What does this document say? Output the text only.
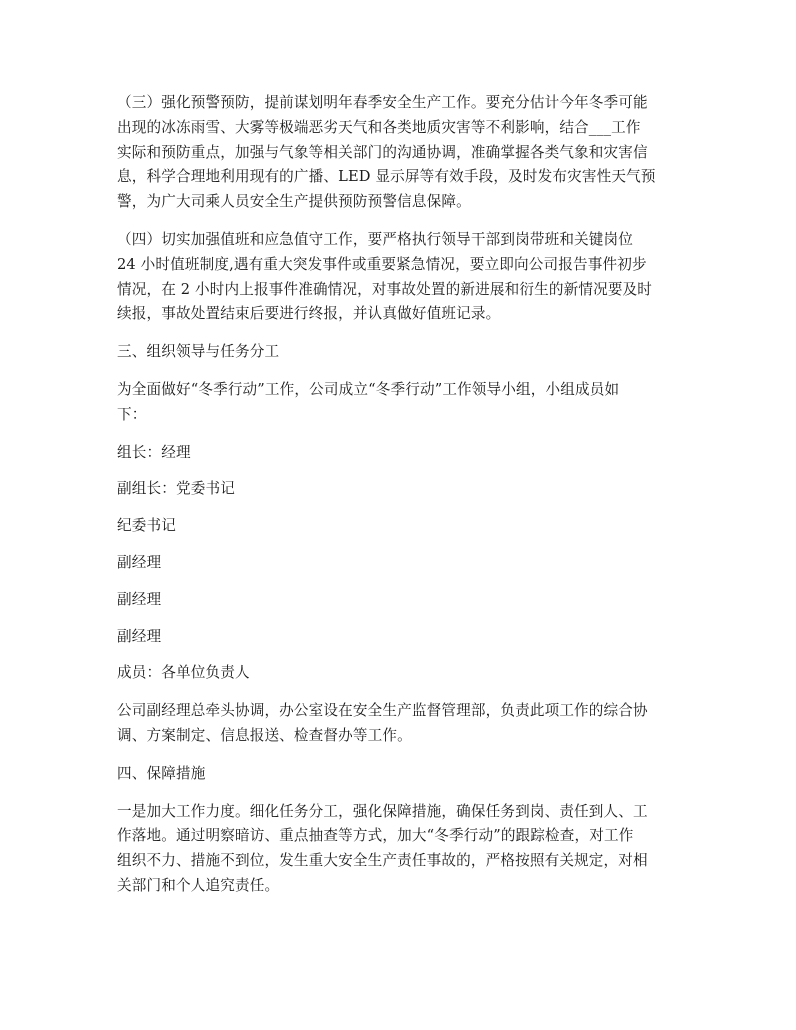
（三）强化预警预防，提前谋划明年春季安全生产工作。要充分估计今年冬季可能
出现的冰冻雨雪、大雾等极端恶劣天气和各类地质灾害等不利影响，结合___工作
实际和预防重点，加强与气象等相关部门的沟通协调，准确掌握各类气象和灾害信
息，科学合理地利用现有的广播、LED 显示屏等有效手段，及时发布灾害性天气预
警，为广大司乘人员安全生产提供预防预警信息保障。

（四）切实加强值班和应急值守工作，要严格执行领导干部到岗带班和关键岗位
24 小时值班制度,遇有重大突发事件或重要紧急情况，要立即向公司报告事件初步
情况，在 2 小时内上报事件准确情况，对事故处置的新进展和衍生的新情况要及时
续报，事故处置结束后要进行终报，并认真做好值班记录。

三、组织领导与任务分工

为全面做好“冬季行动”工作，公司成立“冬季行动”工作领导小组，小组成员如
下：

组长：经理

副组长：党委书记

纪委书记

副经理

副经理

副经理

成员：各单位负责人

公司副经理总牵头协调，办公室设在安全生产监督管理部，负责此项工作的综合协
调、方案制定、信息报送、检查督办等工作。

四、保障措施

一是加大工作力度。细化任务分工，强化保障措施，确保任务到岗、责任到人、工
作落地。通过明察暗访、重点抽查等方式，加大“冬季行动”的跟踪检查，对工作
组织不力、措施不到位，发生重大安全生产责任事故的，严格按照有关规定，对相
关部门和个人追究责任。
